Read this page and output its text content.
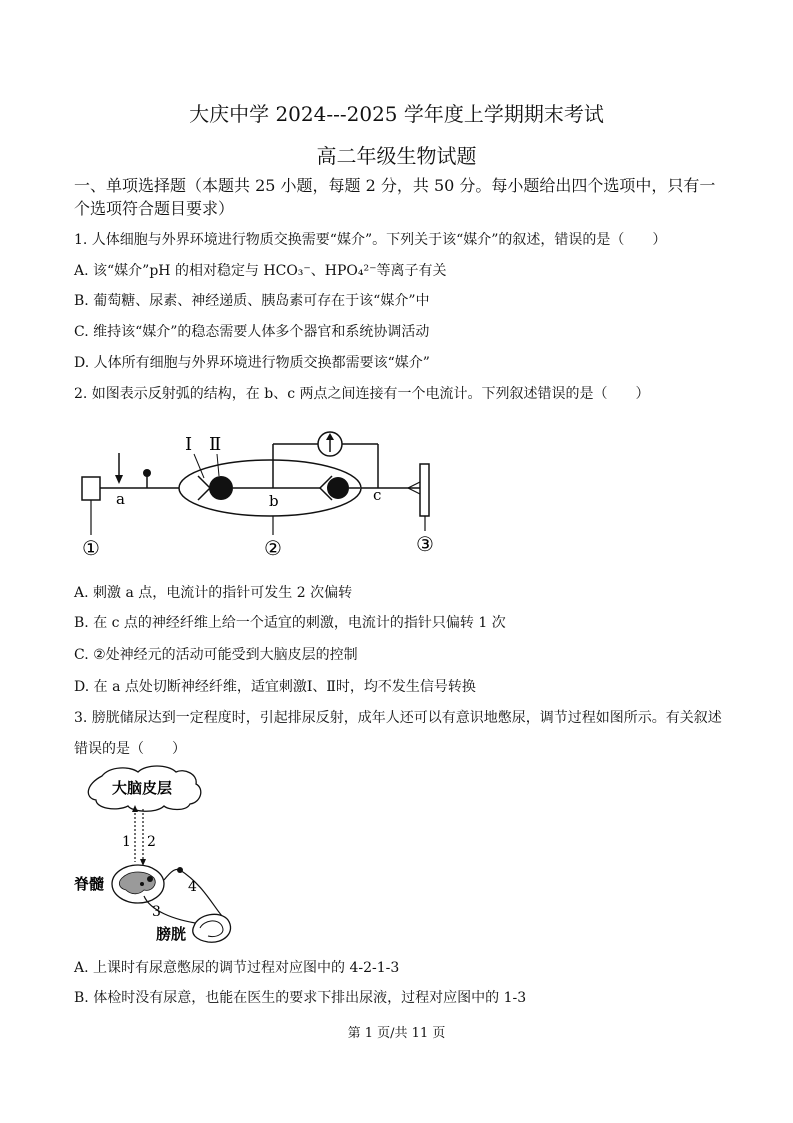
大庆中学 2024---2025 学年度上学期期末考试
高二年级生物试题
一、单项选择题（本题共 25 小题，每题 2 分，共 50 分。每小题给出四个选项中，只有一个选项符合题目要求）
1. 人体细胞与外界环境进行物质交换需要“媒介”。下列关于该“媒介”的叙述，错误的是（　　）
A. 该“媒介”pH 的相对稳定与 HCO₃⁻、HPO₄²⁻等离子有关
B. 葡萄糖、尿素、神经递质、胰岛素可存在于该“媒介”中
C. 维持该“媒介”的稳态需要人体多个器官和系统协调活动
D. 人体所有细胞与外界环境进行物质交换都需要该“媒介”
2. 如图表示反射弧的结构，在 b、c 两点之间连接有一个电流计。下列叙述错误的是（　　）
Ⅰ Ⅱ
a	b	c
①	②	③
A. 刺激 a 点，电流计的指针可发生 2 次偏转
B. 在 c 点的神经纤维上给一个适宜的刺激，电流计的指针只偏转 1 次
C. ②处神经元的活动可能受到大脑皮层的控制
D. 在 a 点处切断神经纤维，适宜刺激Ⅰ、Ⅱ时，均不发生信号转换
3. 膀胱储尿达到一定程度时，引起排尿反射，成年人还可以有意识地憋尿，调节过程如图所示。有关叙述
错误的是（　　）
大脑皮层
1 2
脊髓	4
3
膀胱
A. 上课时有尿意憋尿的调节过程对应图中的 4-2-1-3
B. 体检时没有尿意，也能在医生的要求下排出尿液，过程对应图中的 1-3
第 1 页/共 11 页
